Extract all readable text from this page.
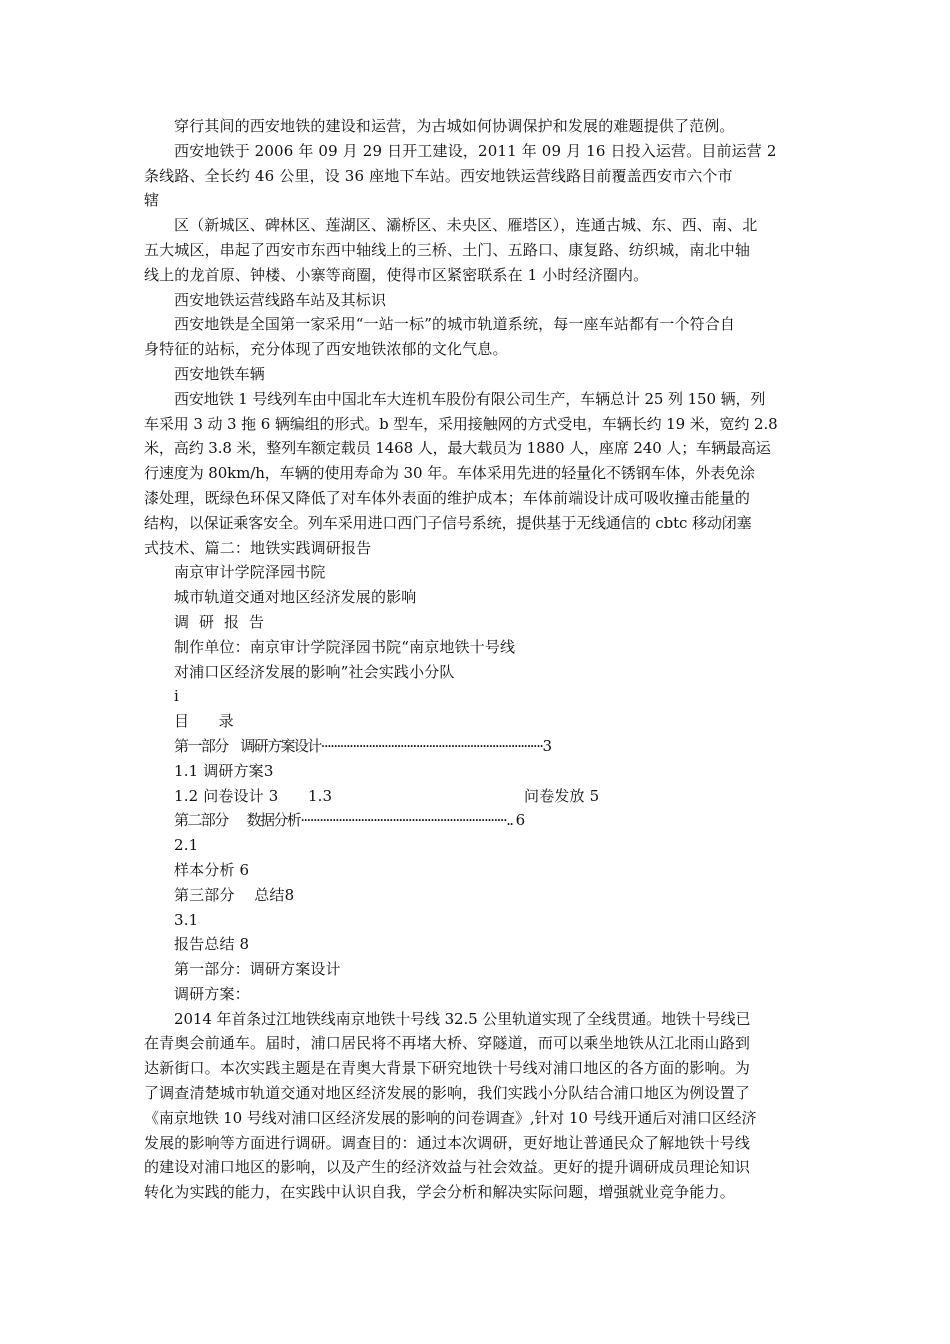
穿行其间的西安地铁的建设和运营，为古城如何协调保护和发展的难题提供了范例。
西安地铁于 2006 年 09 月 29 日开工建设，2011 年 09 月 16 日投入运营。目前运营 2
条线路、全长约 46 公里，设 36 座地下车站。西安地铁运营线路目前覆盖西安市六个市
辖
区（新城区、碑林区、莲湖区、灞桥区、未央区、雁塔区），连通古城、东、西、南、北
五大城区，串起了西安市东西中轴线上的三桥、土门、五路口、康复路、纺织城，南北中轴
线上的龙首原、钟楼、小寨等商圈，使得市区紧密联系在 1 小时经济圈内。
西安地铁运营线路车站及其标识
西安地铁是全国第一家采用“一站一标”的城市轨道系统，每一座车站都有一个符合自
身特征的站标，充分体现了西安地铁浓郁的文化气息。
西安地铁车辆
西安地铁 1 号线列车由中国北车大连机车股份有限公司生产，车辆总计 25 列 150 辆，列
车采用 3 动 3 拖 6 辆编组的形式。b 型车，采用接触网的方式受电，车辆长约 19 米，宽约 2.8
米，高约 3.8 米，整列车额定载员 1468 人，最大载员为 1880 人，座席 240 人；车辆最高运
行速度为 80km/h，车辆的使用寿命为 30 年。车体采用先进的轻量化不锈钢车体，外表免涂
漆处理，既绿色环保又降低了对车体外表面的维护成本；车体前端设计成可吸收撞击能量的
结构，以保证乘客安全。列车采用进口西门子信号系统，提供基于无线通信的 cbtc 移动闭塞
式技术、篇二：地铁实践调研报告
南京审计学院泽园书院
城市轨道交通对地区经济发展的影响
调  研  报  告
制作单位：南京审计学院泽园书院“南京地铁十号线
对浦口区经济发展的影响”社会实践小分队
i
目      录
第一部分    调研方案设计······································································3
1.1 调研方案3
1.2 问卷设计 3      1.3                                       问卷发放 5
第二部分      数据分析·································································.. 6
2.1
样本分析 6
第三部分    总结8
3.1
报告总结 8
第一部分：调研方案设计
调研方案：
2014 年首条过江地铁线南京地铁十号线 32.5 公里轨道实现了全线贯通。地铁十号线已
在青奥会前通车。届时，浦口居民将不再堵大桥、穿隧道，而可以乘坐地铁从江北雨山路到
达新街口。本次实践主题是在青奥大背景下研究地铁十号线对浦口地区的各方面的影响。为
了调查清楚城市轨道交通对地区经济发展的影响，我们实践小分队结合浦口地区为例设置了
《南京地铁 10 号线对浦口区经济发展的影响的问卷调查》,针对 10 号线开通后对浦口区经济
发展的影响等方面进行调研。调查目的：通过本次调研，更好地让普通民众了解地铁十号线
的建设对浦口地区的影响，以及产生的经济效益与社会效益。更好的提升调研成员理论知识
转化为实践的能力，在实践中认识自我，学会分析和解决实际问题，增强就业竞争能力。
